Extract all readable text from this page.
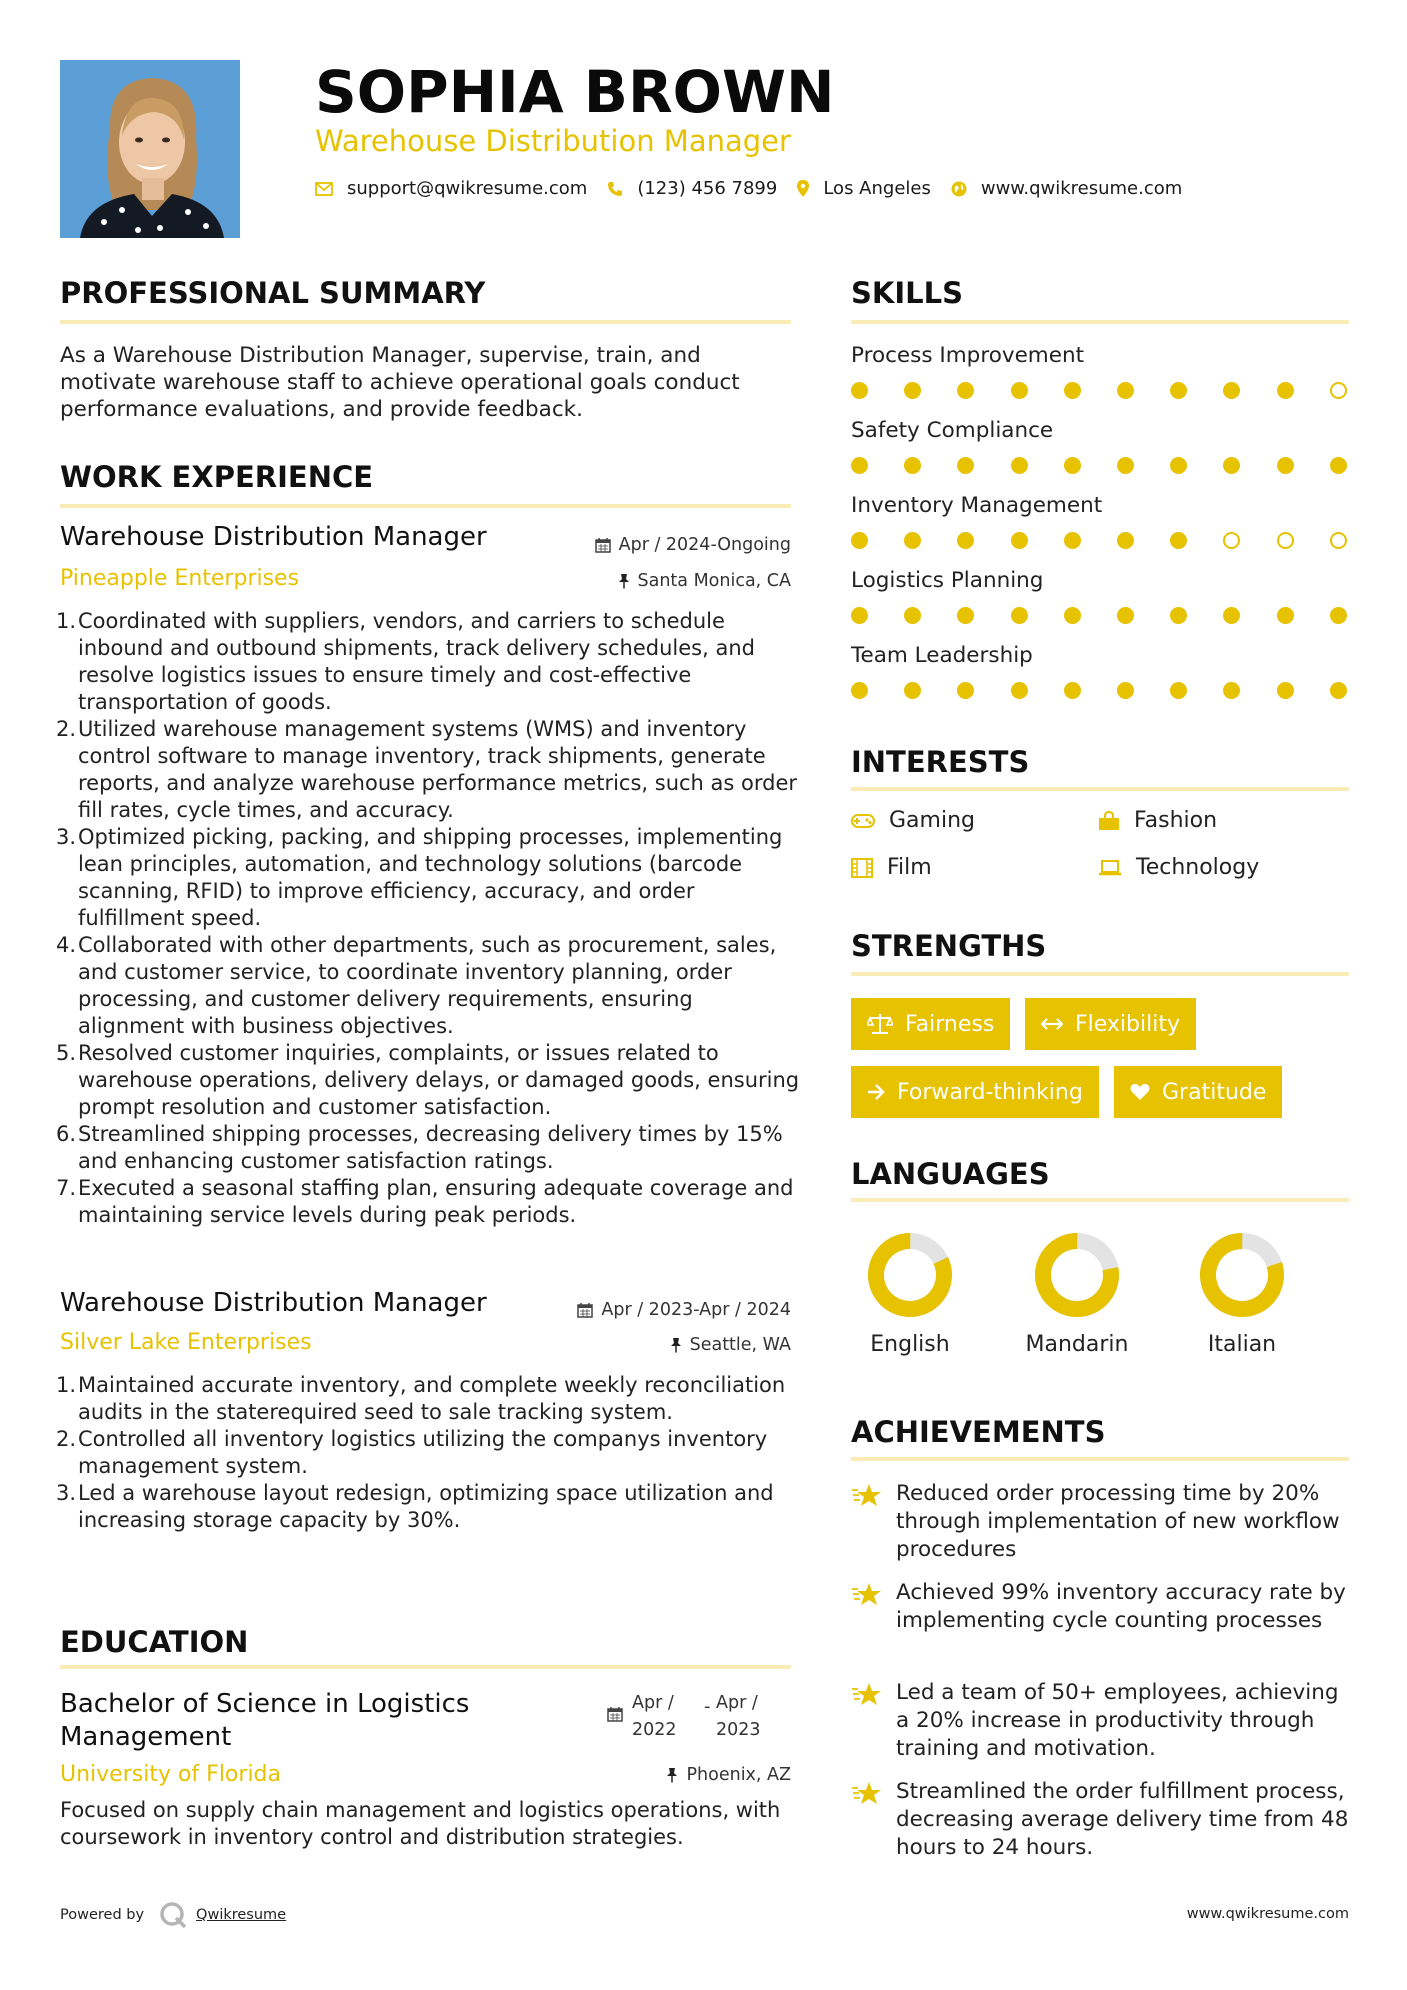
SOPHIA BROWN
Warehouse Distribution Manager
support@qwikresume.com	(123) 456 7899	Los Angeles	www.qwikresume.com
PROFESSIONAL SUMMARY
As a Warehouse Distribution Manager, supervise, train, and motivate warehouse staff to achieve operational goals conduct performance evaluations, and provide feedback.
WORK EXPERIENCE
Warehouse Distribution Manager	Apr / 2024-Ongoing
Pineapple Enterprises	Santa Monica, CA
1. Coordinated with suppliers, vendors, and carriers to schedule inbound and outbound shipments, track delivery schedules, and resolve logistics issues to ensure timely and cost-effective transportation of goods.
2. Utilized warehouse management systems (WMS) and inventory control software to manage inventory, track shipments, generate reports, and analyze warehouse performance metrics, such as order fill rates, cycle times, and accuracy.
3. Optimized picking, packing, and shipping processes, implementing lean principles, automation, and technology solutions (barcode scanning, RFID) to improve efficiency, accuracy, and order fulfillment speed.
4. Collaborated with other departments, such as procurement, sales, and customer service, to coordinate inventory planning, order processing, and customer delivery requirements, ensuring alignment with business objectives.
5. Resolved customer inquiries, complaints, or issues related to warehouse operations, delivery delays, or damaged goods, ensuring prompt resolution and customer satisfaction.
6. Streamlined shipping processes, decreasing delivery times by 15% and enhancing customer satisfaction ratings.
7. Executed a seasonal staffing plan, ensuring adequate coverage and maintaining service levels during peak periods.
Warehouse Distribution Manager	Apr / 2023-Apr / 2024
Silver Lake Enterprises	Seattle, WA
1. Maintained accurate inventory, and complete weekly reconciliation audits in the staterequired seed to sale tracking system.
2. Controlled all inventory logistics utilizing the companys inventory management system.
3. Led a warehouse layout redesign, optimizing space utilization and increasing storage capacity by 30%.
EDUCATION
Bachelor of Science in Logistics Management
Apr / 2022
- Apr / 2023
University of Florida	Phoenix, AZ
Focused on supply chain management and logistics operations, with coursework in inventory control and distribution strategies.
SKILLS
Process Improvement
Safety Compliance
Inventory Management
Logistics Planning
Team Leadership
INTERESTS
Gaming	Fashion
Film	Technology
STRENGTHS
Fairness	Flexibility
Forward-thinking	Gratitude
LANGUAGES
English	Mandarin	Italian
ACHIEVEMENTS
Reduced order processing time by 20% through implementation of new workflow procedures
Achieved 99% inventory accuracy rate by implementing cycle counting processes
Led a team of 50+ employees, achieving a 20% increase in productivity through training and motivation.
Streamlined the order fulfillment process, decreasing average delivery time from 48 hours to 24 hours.
Powered by	Qwikresume	www.qwikresume.com
